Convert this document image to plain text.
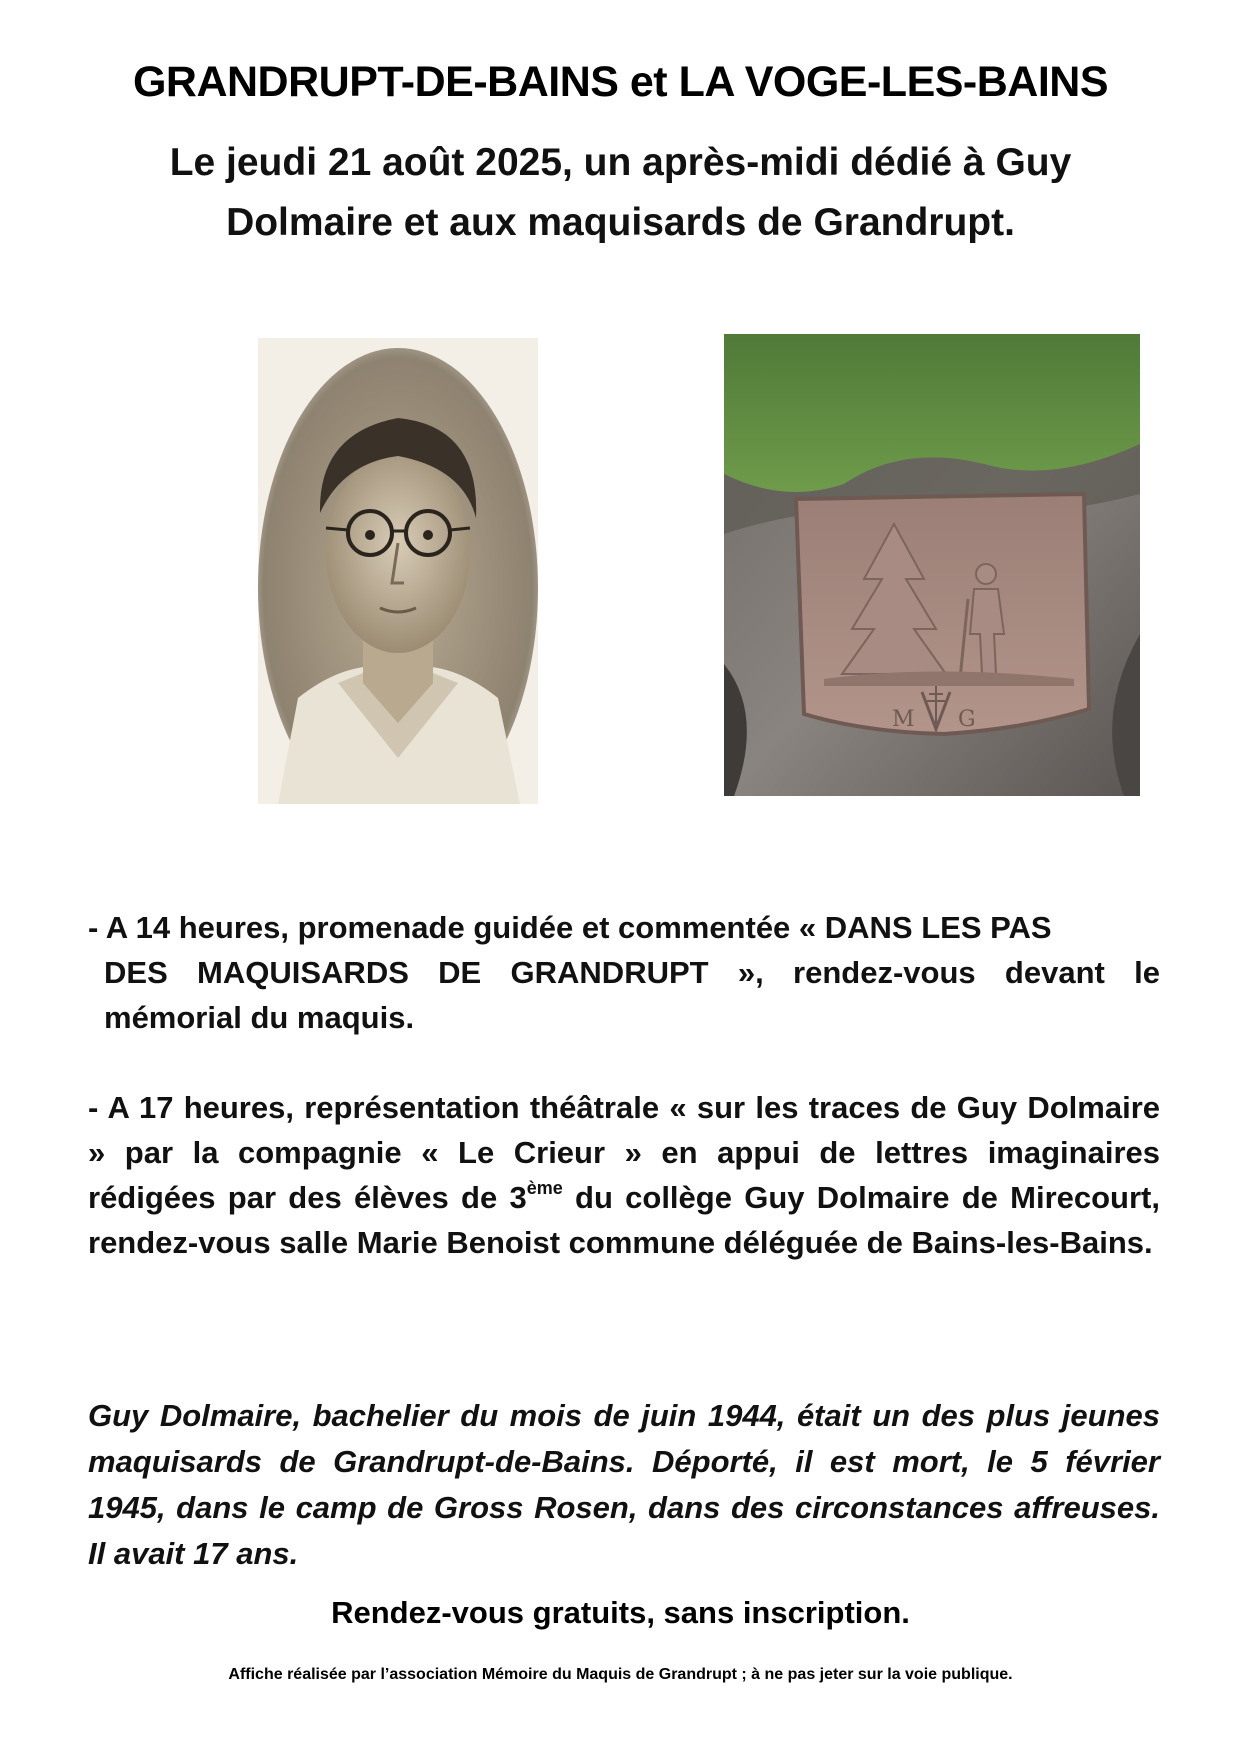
GRANDRUPT-DE-BAINS et LA VOGE-LES-BAINS
Le jeudi 21 août 2025, un après-midi dédié à Guy Dolmaire et aux maquisards de Grandrupt.
M G
- A 14 heures, promenade guidée et commentée « DANS LES PAS
DES MAQUISARDS DE GRANDRUPT », rendez-vous devant le mémorial du maquis.
- A 17 heures, représentation théâtrale « sur les traces de Guy Dolmaire » par la compagnie « Le Crieur » en appui de lettres imaginaires rédigées par des élèves de 3ème du collège Guy Dolmaire de Mirecourt, rendez-vous salle Marie Benoist commune déléguée de Bains-les-Bains.
Guy Dolmaire, bachelier du mois de juin 1944, était un des plus jeunes maquisards de Grandrupt-de-Bains. Déporté, il est mort, le 5 février 1945, dans le camp de Gross Rosen, dans des circonstances affreuses. Il avait 17 ans.
Rendez-vous gratuits, sans inscription.
Affiche réalisée par l’association Mémoire du Maquis de Grandrupt ; à ne pas jeter sur la voie publique.
